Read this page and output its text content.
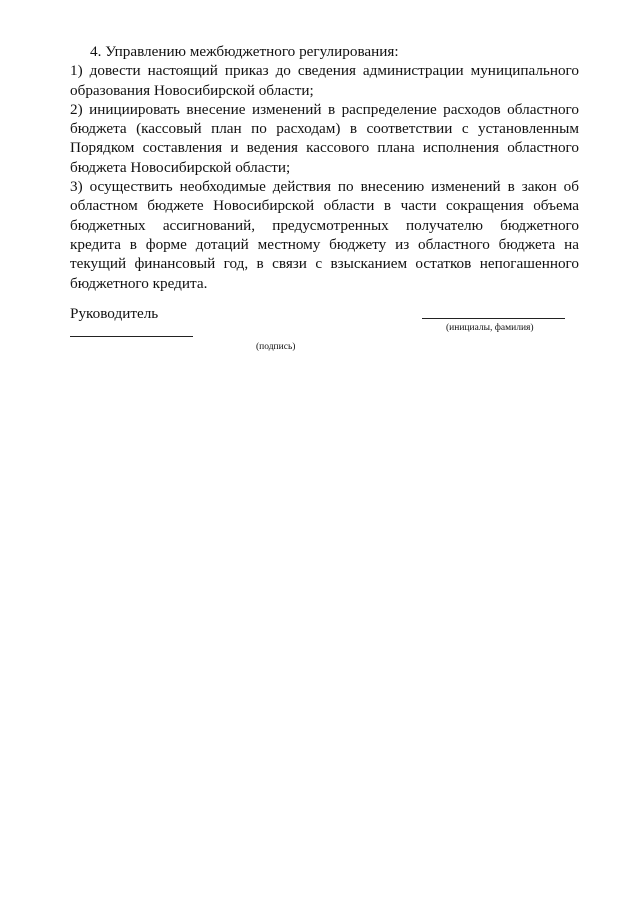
4. Управлению межбюджетного регулирования:

1) довести настоящий приказ до сведения администрации муниципального образования Новосибирской области;

2) инициировать внесение изменений в распределение расходов областного бюджета (кассовый план по расходам) в соответствии с установленным Порядком составления и ведения кассового плана исполнения областного бюджета Новосибирской области;

3) осуществить необходимые действия по внесению изменений в закон об областном бюджете Новосибирской области в части сокращения объема бюджетных ассигнований, предусмотренных получателю бюджетного кредита в форме дотаций местному бюджету из областного бюджета на текущий финансовый год, в связи с взысканием остатков непогашенного бюджетного кредита.

Руководитель
(подпись)
(инициалы, фамилия)
